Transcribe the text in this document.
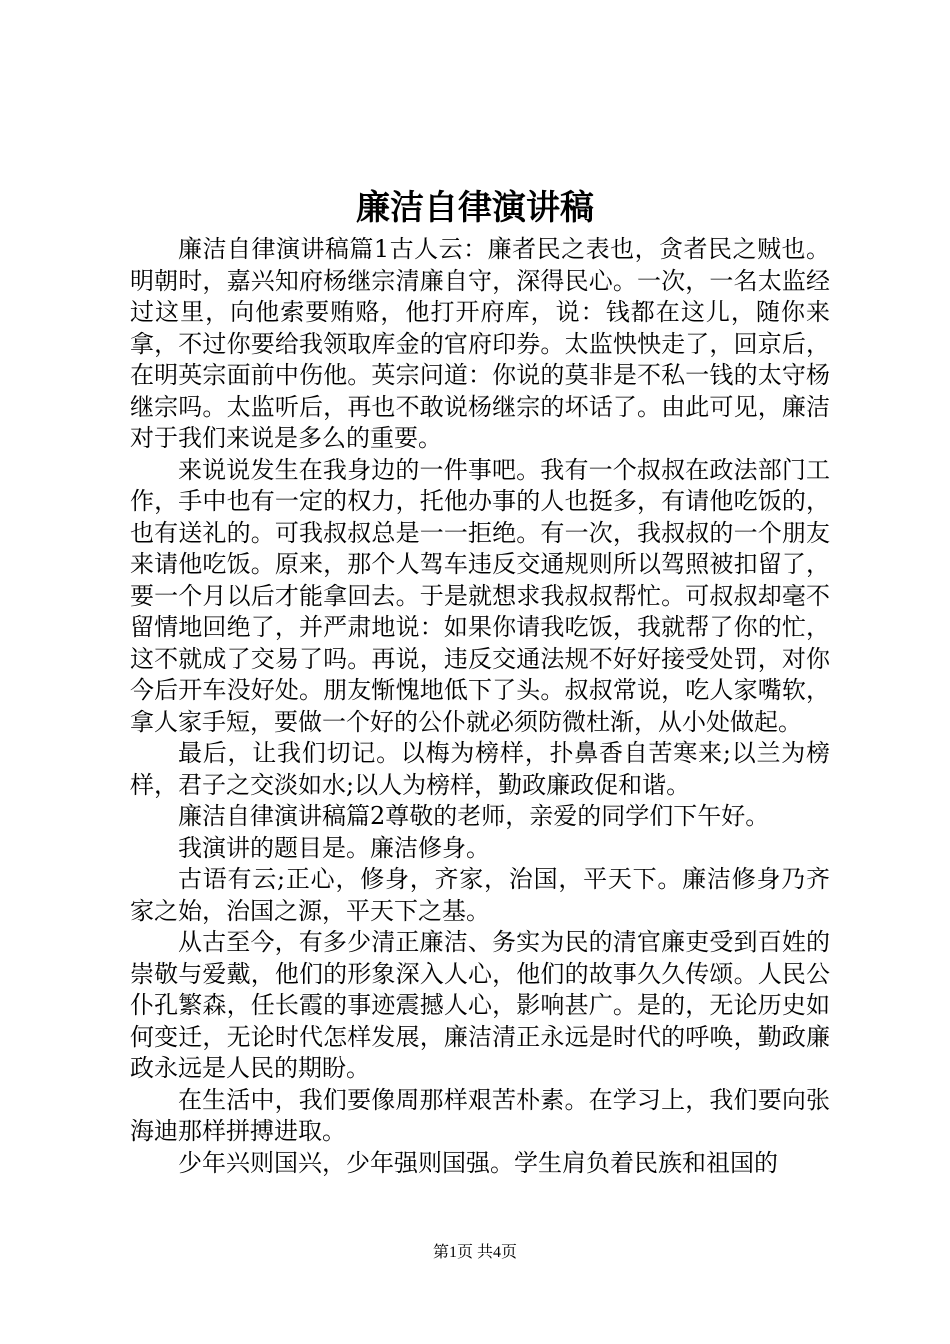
廉洁自律演讲稿

廉洁自律演讲稿篇1古人云：廉者民之表也，贪者民之贼也。明朝时，嘉兴知府杨继宗清廉自守，深得民心。一次，一名太监经过这里，向他索要贿赂，他打开府库，说：钱都在这儿，随你来拿，不过你要给我领取库金的官府印券。太监怏怏走了，回京后，在明英宗面前中伤他。英宗问道：你说的莫非是不私一钱的太守杨继宗吗。太监听后，再也不敢说杨继宗的坏话了。由此可见，廉洁对于我们来说是多么的重要。

来说说发生在我身边的一件事吧。我有一个叔叔在政法部门工作，手中也有一定的权力，托他办事的人也挺多，有请他吃饭的，也有送礼的。可我叔叔总是一一拒绝。有一次，我叔叔的一个朋友来请他吃饭。原来，那个人驾车违反交通规则所以驾照被扣留了，要一个月以后才能拿回去。于是就想求我叔叔帮忙。可叔叔却毫不留情地回绝了，并严肃地说：如果你请我吃饭，我就帮了你的忙，这不就成了交易了吗。再说，违反交通法规不好好接受处罚，对你今后开车没好处。朋友惭愧地低下了头。叔叔常说，吃人家嘴软，拿人家手短，要做一个好的公仆就必须防微杜渐，从小处做起。

最后，让我们切记。以梅为榜样，扑鼻香自苦寒来;以兰为榜样，君子之交淡如水;以人为榜样，勤政廉政促和谐。

廉洁自律演讲稿篇2尊敬的老师，亲爱的同学们下午好。

我演讲的题目是。廉洁修身。

古语有云;正心，修身，齐家，治国，平天下。廉洁修身乃齐家之始，治国之源，平天下之基。

从古至今，有多少清正廉洁、务实为民的清官廉吏受到百姓的崇敬与爱戴，他们的形象深入人心，他们的故事久久传颂。人民公仆孔繁森，任长霞的事迹震撼人心，影响甚广。是的，无论历史如何变迁，无论时代怎样发展，廉洁清正永远是时代的呼唤，勤政廉政永远是人民的期盼。

在生活中，我们要像周那样艰苦朴素。在学习上，我们要向张海迪那样拼搏进取。

少年兴则国兴，少年强则国强。学生肩负着民族和祖国的

第1页 共4页
